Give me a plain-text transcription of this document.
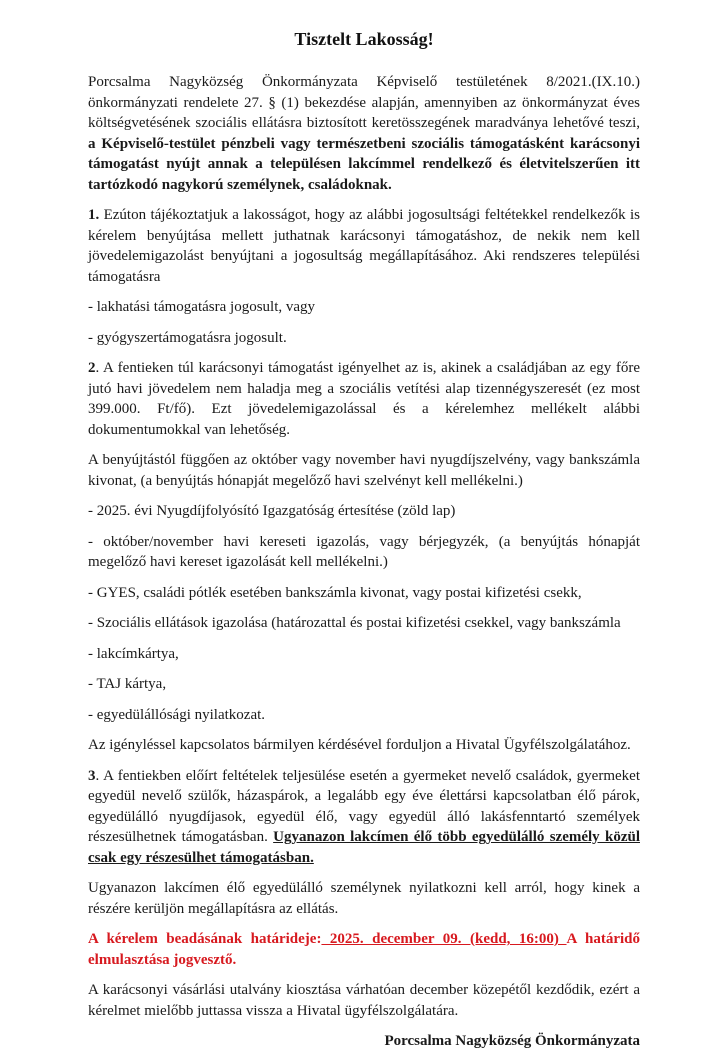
Tisztelt Lakosság!

Porcsalma Nagyközség Önkormányzata Képviselő testületének 8/2021.(IX.10.) önkormányzati rendelete 27. § (1) bekezdése alapján, amennyiben az önkormányzat éves költségvetésének szociális ellátásra biztosított keretösszegének maradványa lehetővé teszi, a Képviselő-testület pénzbeli vagy természetbeni szociális támogatásként karácsonyi támogatást nyújt annak a településen lakcímmel rendelkező és életvitelszerűen itt tartózkodó nagykorú személynek, családoknak.

1. Ezúton tájékoztatjuk a lakosságot, hogy az alábbi jogosultsági feltétekkel rendelkezők is kérelem benyújtása mellett juthatnak karácsonyi támogatáshoz, de nekik nem kell jövedelemigazolást benyújtani a jogosultság megállapításához. Aki rendszeres települési támogatásra

- lakhatási támogatásra jogosult, vagy

- gyógyszertámogatásra jogosult.

2. A fentieken túl karácsonyi támogatást igényelhet az is, akinek a családjában az egy főre jutó havi jövedelem nem haladja meg a szociális vetítési alap tizennégyszeresét (ez most 399.000. Ft/fő). Ezt jövedelemigazolással és a kérelemhez mellékelt alábbi dokumentumokkal van lehetőség.

A benyújtástól függően az október vagy november havi nyugdíjszelvény, vagy bankszámla kivonat, (a benyújtás hónapját megelőző havi szelvényt kell mellékelni.)

- 2025. évi Nyugdíjfolyósító Igazgatóság értesítése (zöld lap)

- október/november havi kereseti igazolás, vagy bérjegyzék, (a benyújtás hónapját megelőző havi kereset igazolását kell mellékelni.)

- GYES, családi pótlék esetében bankszámla kivonat, vagy postai kifizetési csekk,

- Szociális ellátások igazolása (határozattal és postai kifizetési csekkel, vagy bankszámla

- lakcímkártya,

- TAJ kártya,

- egyedülállósági nyilatkozat.

Az igényléssel kapcsolatos bármilyen kérdésével forduljon a Hivatal Ügyfélszolgálatához.

3. A fentiekben előírt feltételek teljesülése esetén a gyermeket nevelő családok, gyermeket egyedül nevelő szülők, házaspárok, a legalább egy éve élettársi kapcsolatban élő párok, egyedülálló nyugdíjasok, egyedül élő, vagy egyedül álló lakásfenntartó személyek részesülhetnek támogatásban. Ugyanazon lakcímen élő több egyedülálló személy közül csak egy részesülhet támogatásban.

Ugyanazon lakcímen élő egyedülálló személynek nyilatkozni kell arról, hogy kinek a részére kerüljön megállapításra az ellátás.

A kérelem beadásának határideje: 2025. december 09. (kedd, 16:00) A határidő elmulasztása jogvesztő.

A karácsonyi vásárlási utalvány kiosztása várhatóan december közepétől kezdődik, ezért a kérelmet mielőbb juttassa vissza a Hivatal ügyfélszolgálatára.

Porcsalma Nagyközség Önkormányzata
